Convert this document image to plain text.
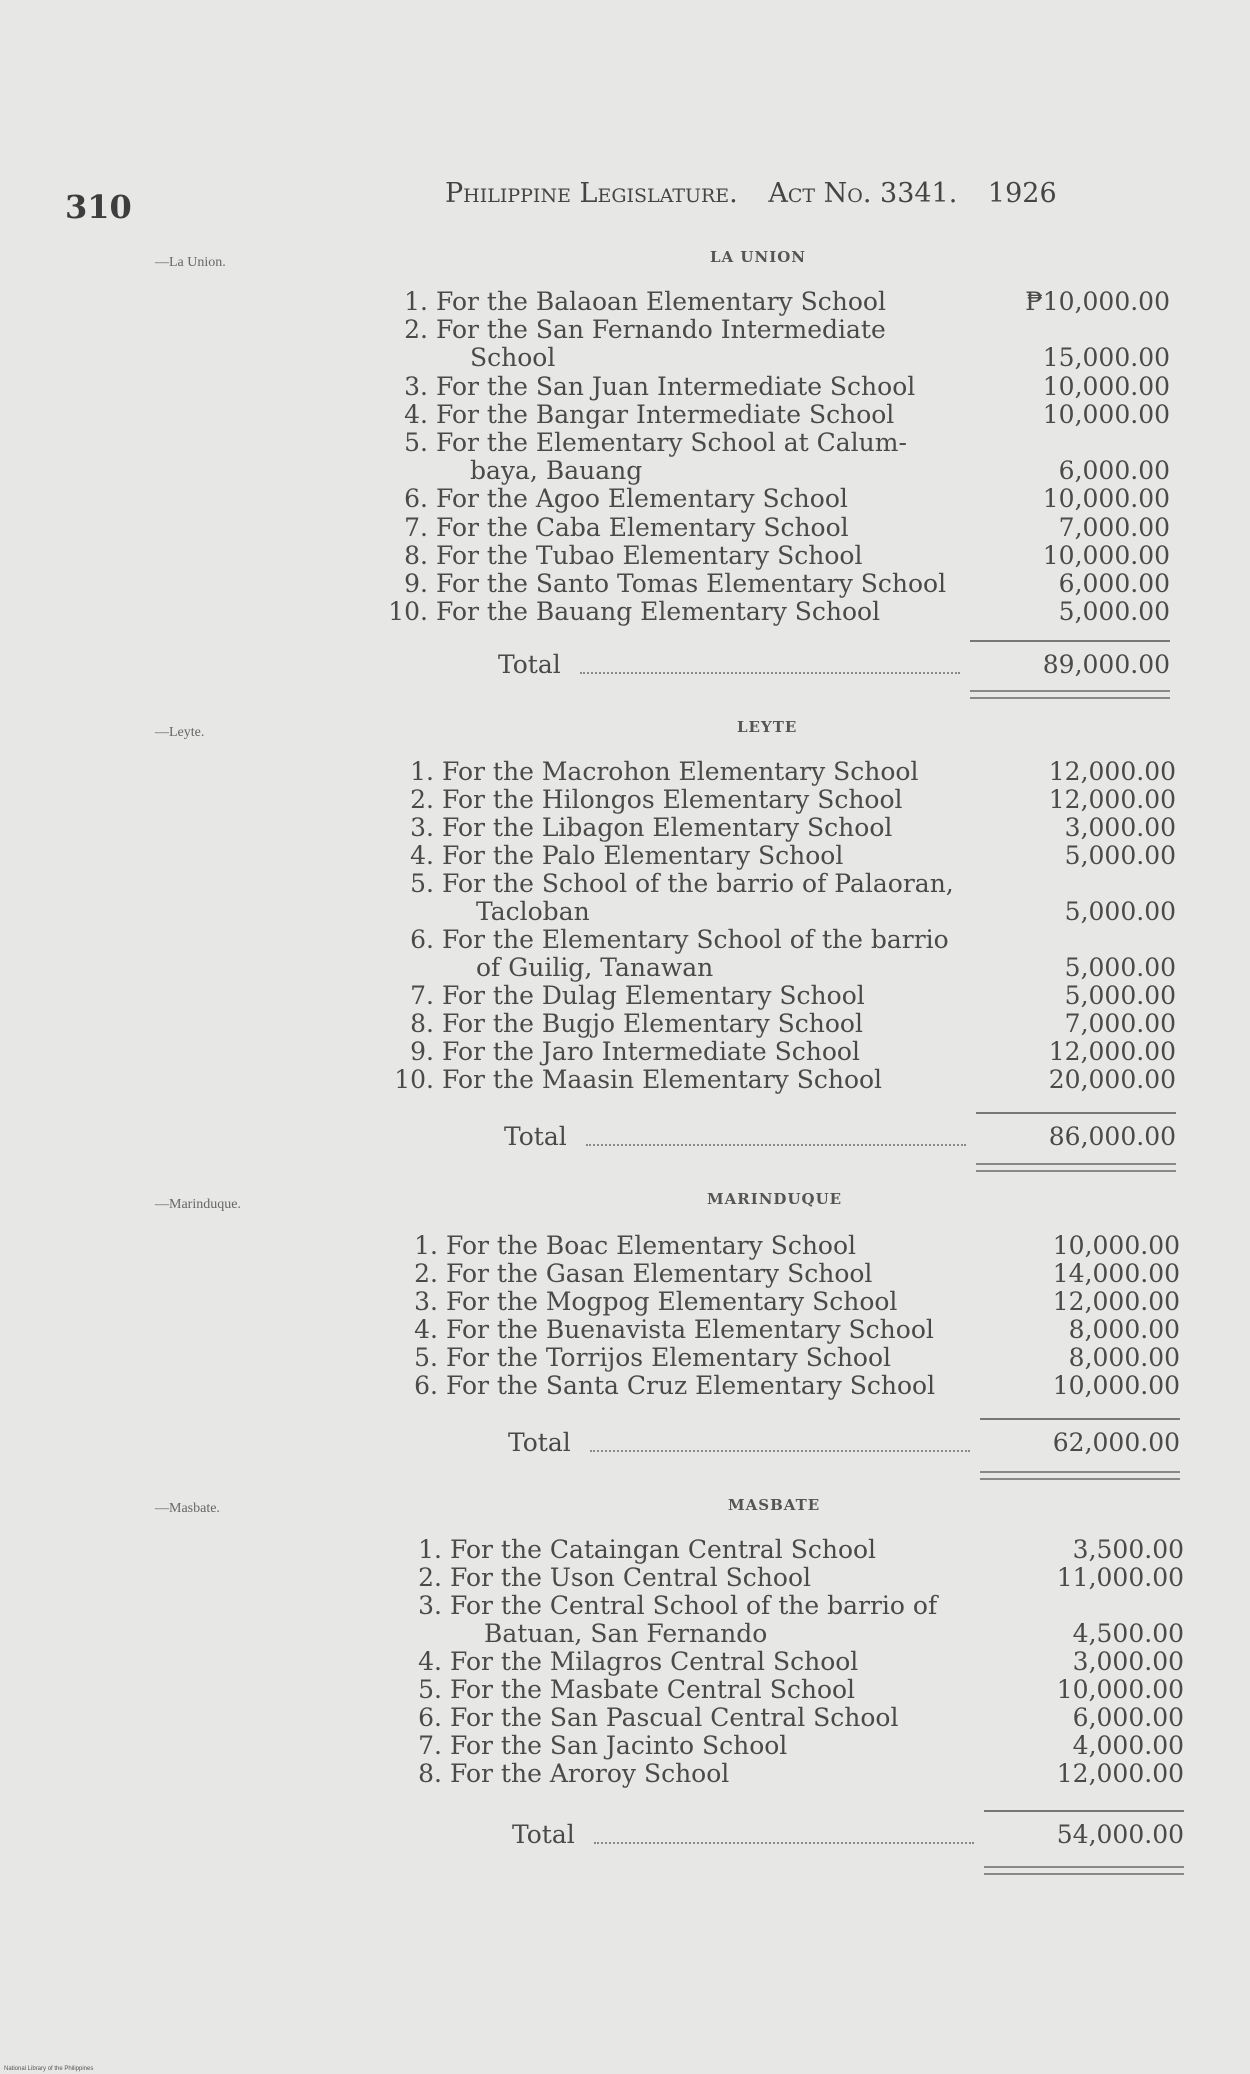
310	Philippine Legislature. Act No. 3341. 1926
—La Union.	LA UNION
1. For the Balaoan Elementary School	₱10,000.00
2. For the San Fernando Intermediate
School	15,000.00
3. For the San Juan Intermediate School	10,000.00
4. For the Bangar Intermediate School	10,000.00
5. For the Elementary School at Calum-
baya, Bauang	6,000.00
6. For the Agoo Elementary School	10,000.00
7. For the Caba Elementary School	7,000.00
8. For the Tubao Elementary School	10,000.00
9. For the Santo Tomas Elementary School	6,000.00
10. For the Bauang Elementary School	5,000.00
Total	89,000.00
—Leyte.	LEYTE
1. For the Macrohon Elementary School	12,000.00
2. For the Hilongos Elementary School	12,000.00
3. For the Libagon Elementary School	3,000.00
4. For the Palo Elementary School	5,000.00
5. For the School of the barrio of Palaoran,
Tacloban	5,000.00
6. For the Elementary School of the barrio
of Guilig, Tanawan	5,000.00
7. For the Dulag Elementary School	5,000.00
8. For the Bugjo Elementary School	7,000.00
9. For the Jaro Intermediate School	12,000.00
10. For the Maasin Elementary School	20,000.00
Total	86,000.00
—Marinduque.	MARINDUQUE
1. For the Boac Elementary School	10,000.00
2. For the Gasan Elementary School	14,000.00
3. For the Mogpog Elementary School	12,000.00
4. For the Buenavista Elementary School	8,000.00
5. For the Torrijos Elementary School	8,000.00
6. For the Santa Cruz Elementary School	10,000.00
Total	62,000.00
—Masbate.	MASBATE
1. For the Cataingan Central School	3,500.00
2. For the Uson Central School	11,000.00
3. For the Central School of the barrio of
Batuan, San Fernando	4,500.00
4. For the Milagros Central School	3,000.00
5. For the Masbate Central School	10,000.00
6. For the San Pascual Central School	6,000.00
7. For the San Jacinto School	4,000.00
8. For the Aroroy School	12,000.00
Total	54,000.00
National Library of the Philippines
